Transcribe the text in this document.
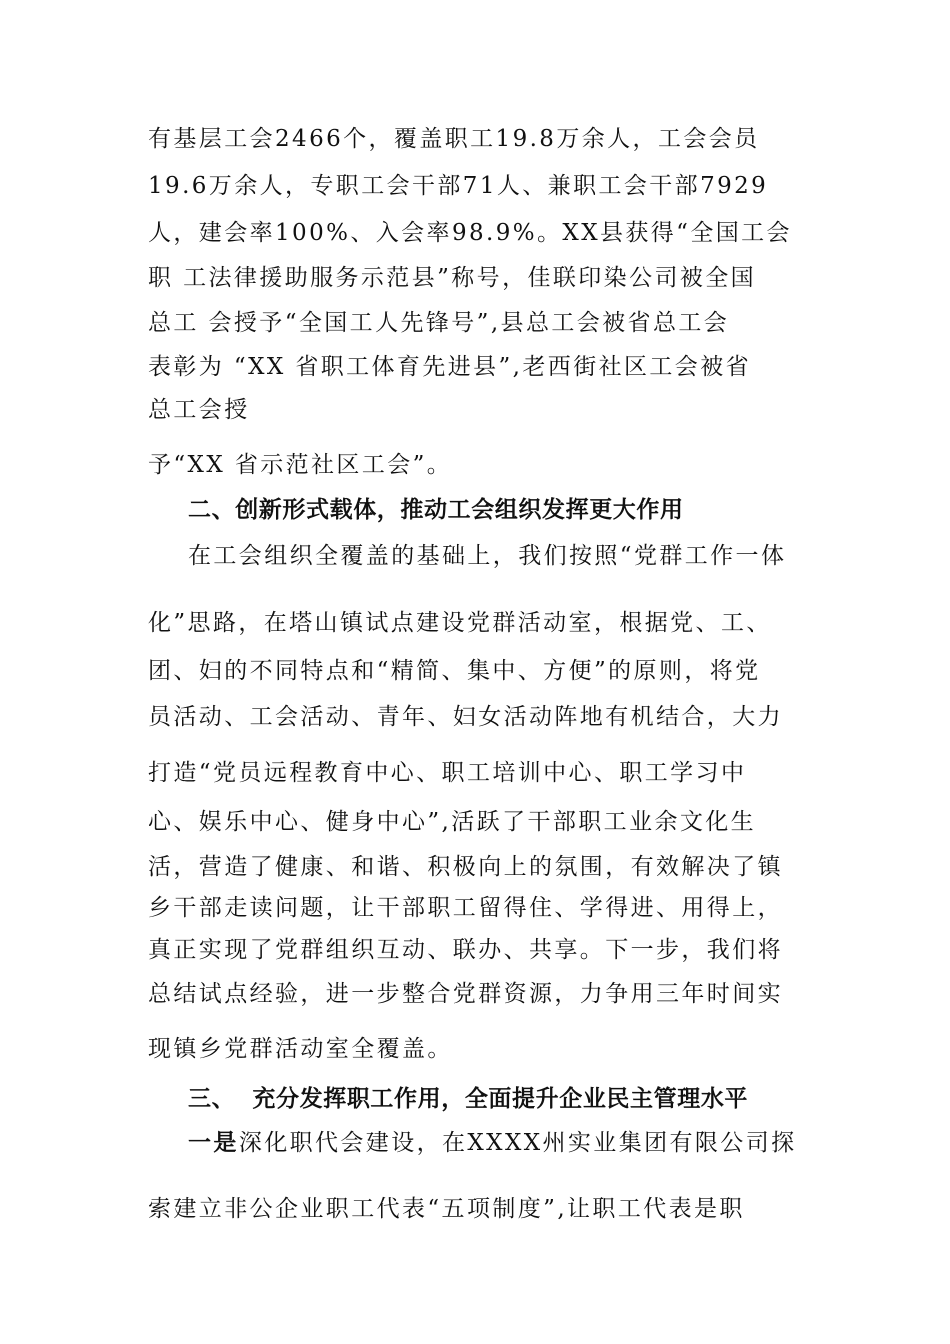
有基层工会2466个，覆盖职工19.8万余人，工会会员
19.6万余人，专职工会干部71人、兼职工会干部7929
人，建会率100%、入会率98.9%。XX县获得“全国工会
职 工法律援助服务示范县”称号，佳联印染公司被全国
总工 会授予“全国工人先锋号”,县总工会被省总工会
表彰为 “XX 省职工体育先进县”,老西街社区工会被省
总工会授
予“XX 省示范社区工会”。
二、创新形式载体，推动工会组织发挥更大作用
在工会组织全覆盖的基础上，我们按照“党群工作一体
化”思路，在塔山镇试点建设党群活动室，根据党、工、
团、妇的不同特点和“精简、集中、方便”的原则，将党
员活动、工会活动、青年、妇女活动阵地有机结合，大力
打造“党员远程教育中心、职工培训中心、职工学习中
心、娱乐中心、健身中心”,活跃了干部职工业余文化生
活，营造了健康、和谐、积极向上的氛围，有效解决了镇
乡干部走读问题，让干部职工留得住、学得进、用得上，
真正实现了党群组织互动、联办、共享。下一步，我们将
总结试点经验，进一步整合党群资源，力争用三年时间实
现镇乡党群活动室全覆盖。
三、  充分发挥职工作用，全面提升企业民主管理水平
一是深化职代会建设，在XXXX州实业集团有限公司探
索建立非公企业职工代表“五项制度”,让职工代表是职
